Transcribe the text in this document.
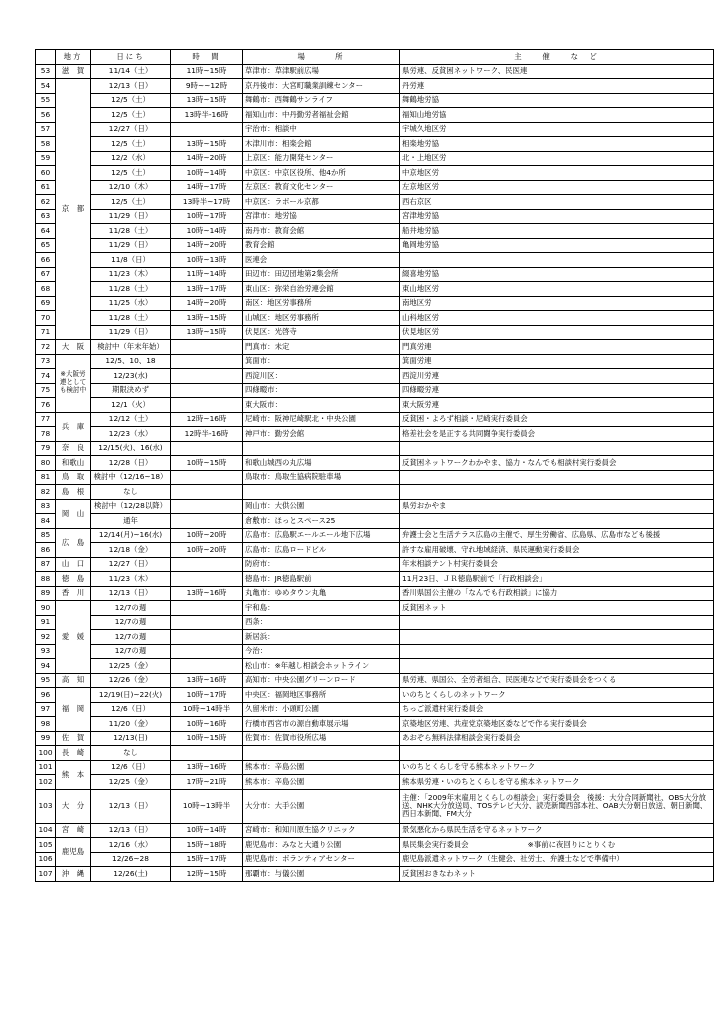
	地方	日にち	時　間	場　　　所	主　　催　　な　ど
53	滋　賀	11/14（土）	11時~15時	草津市：草津駅前広場	県労連、反貧困ネットワーク、民医連
54	京　都	12/13（日）	9時~~12時	京丹後市：大宮町職業訓練センター	丹労連
55		12/5（土）	13時~15時	舞鶴市：西舞鶴サンライフ	舞鶴地労協
56		12/5（土）	13時半-16時	福知山市：中丹勤労者福祉会館	福知山地労協
57		12/27（日）		宇治市：相談中	宇城久地区労
58		12/5（土）	13時~15時	木津川市：相楽会館	相楽地労協
59		12/2（水）	14時~20時	上京区：能力開発センター	北・上地区労
60		12/5（土）	10時~14時	中京区：中京区役所、他4か所	中京地区労
61		12/10（木）	14時~17時	左京区：教育文化センター	左京地区労
62		12/5（土）	13時半~17時	中京区：ラボール京都	西右京区
63		11/29（日）	10時~17時	宮津市：地労協	宮津地労協
64		11/28（土）	10時~14時	南丹市：教育会館	船井地労協
65		11/29（日）	14時~20時	教育会館	亀岡地労協
66		11/8（日）	10時~13時	医連会	
67		11/23（木）	11時~14時	田辺市：田辺団地第2集会所	綴喜地労協
68		11/28（土）	13時~17時	東山区：弥栄自治労連会館	東山地区労
69		11/25（水）	14時~20時	南区：地区労事務所	南地区労
70		11/28（土）	13時~15時	山城区：地区労事務所	山科地区労
71		11/29（日）	13時~15時	伏見区：光啓寺	伏見地区労
72	大　阪	検討中（年末年始）		門真市：未定	門真労連
73	※大阪労連としても検討中	12/5、10、18		箕面市：	箕面労連
74		12/23(水)		西淀川区：	西淀川労連
75		期限決めず		四條畷市：	四條畷労連
76		12/1（火）		東大阪市：	東大阪労連
77	兵　庫	12/12（土）	12時~16時	尼崎市：阪神尼崎駅北・中央公園	反貧困・よろず相談・尼崎実行委員会
78		12/23（水）	12時半-16時	神戸市：勤労会館	格差社会を是正する共同闘争実行委員会
79	奈　良	12/15(火)、16(水)			
80	和歌山	12/28（日）	10時~15時	和歌山城西の丸広場	反貧困ネットワークわかやま、協力・なんでも相談村実行委員会
81	鳥　取	検討中（12/16~18）		鳥取市：鳥取生協病院駐車場	
82	島　根	なし			
83	岡　山	検討中（12/28以降）		岡山市：大供公園	県労おかやま
84		通年		倉敷市：ほっとスペース25	
85	広　島	12/14(月)~16(水)	10時~20時	広島市：広島駅エールエール地下広場	弁護士会と生活テラス広島の主催で、厚生労働省、広島県、広島市なども後援
86		12/18（金）	10時~20時	広島市：広島ロードビル	許すな雇用破壊、守れ地域経済、県民運動実行委員会
87	山　口	12/27（日）		防府市：	年末相談テント村実行委員会
88	徳　島	11/23（木）		徳島市：JR徳島駅前	11月23日、ＪＲ徳島駅前で「行政相談会」
89	香　川	12/13（日）	13時~16時	丸亀市：ゆめタウン丸亀	香川県国公主催の「なんでも行政相談」に協力
90	愛　媛	12/7の週		宇和島：	反貧困ネット
91		12/7の週		西条：	
92		12/7の週		新居浜：	
93		12/7の週		今治：	
94		12/25（金）		松山市：※年越し相談会ホットライン	
95	高　知	12/26（金）	13時~16時	高知市：中央公園グリーンロード	県労連、県国公、全労者組合、民医連などで実行委員会をつくる
96	福　岡	12/19(日)~22(火)	10時~17時	中央区：福岡地区事務所	いのちとくらしのネットワーク
97		12/6（日）	10時~14時半	久留米市：小頭町公園	ちっご派遣村実行委員会
98		11/20（金）	10時~16時	行橋市西宮市の源自動車展示場	京築地区労連、共産党京築地区委などで作る実行委員会
99	佐　賀	12/13(日)	10時~15時	佐賀市：佐賀市役所広場	あおぞら無料法律相談会実行委員会
100	長　崎	なし			
101	熊　本	12/6（日）	13時~16時	熊本市：辛島公園	いのちとくらしを守る熊本ネットワーク
102		12/25（金）	17時~21時	熊本市：辛島公園	熊本県労連・いのちとくらしを守る熊本ネットワーク
103	大　分	12/13（日）	10時~13時半	大分市：大手公園	主催：「2009年末雇用とくらしの相談会」実行委員会　後援：大分合同新聞社、OBS大分放送、NHK大分放送局、TOSテレビ大分、読売新聞西部本社、OAB大分朝日放送、朝日新聞、西日本新聞、FM大分
104	宮　崎	12/13（日）	10時~14時	宮崎市：和知川原生協クリニック	景気悪化から県民生活を守るネットワーク
105	鹿児島	12/16（水）	15時~18時	鹿児島市：みなと大通り公園	県民集会実行委員会　　　　　　　　※事前に夜回りにとりくむ
106		12/26~28	15時~17時	鹿児島市：ボランティアセンター	鹿児島派遣ネットワーク（生健会、社労士、弁護士などで準備中）
107	沖　縄	12/26(土)	12時~15時	那覇市：与儀公園	反貧困おきなわネット
